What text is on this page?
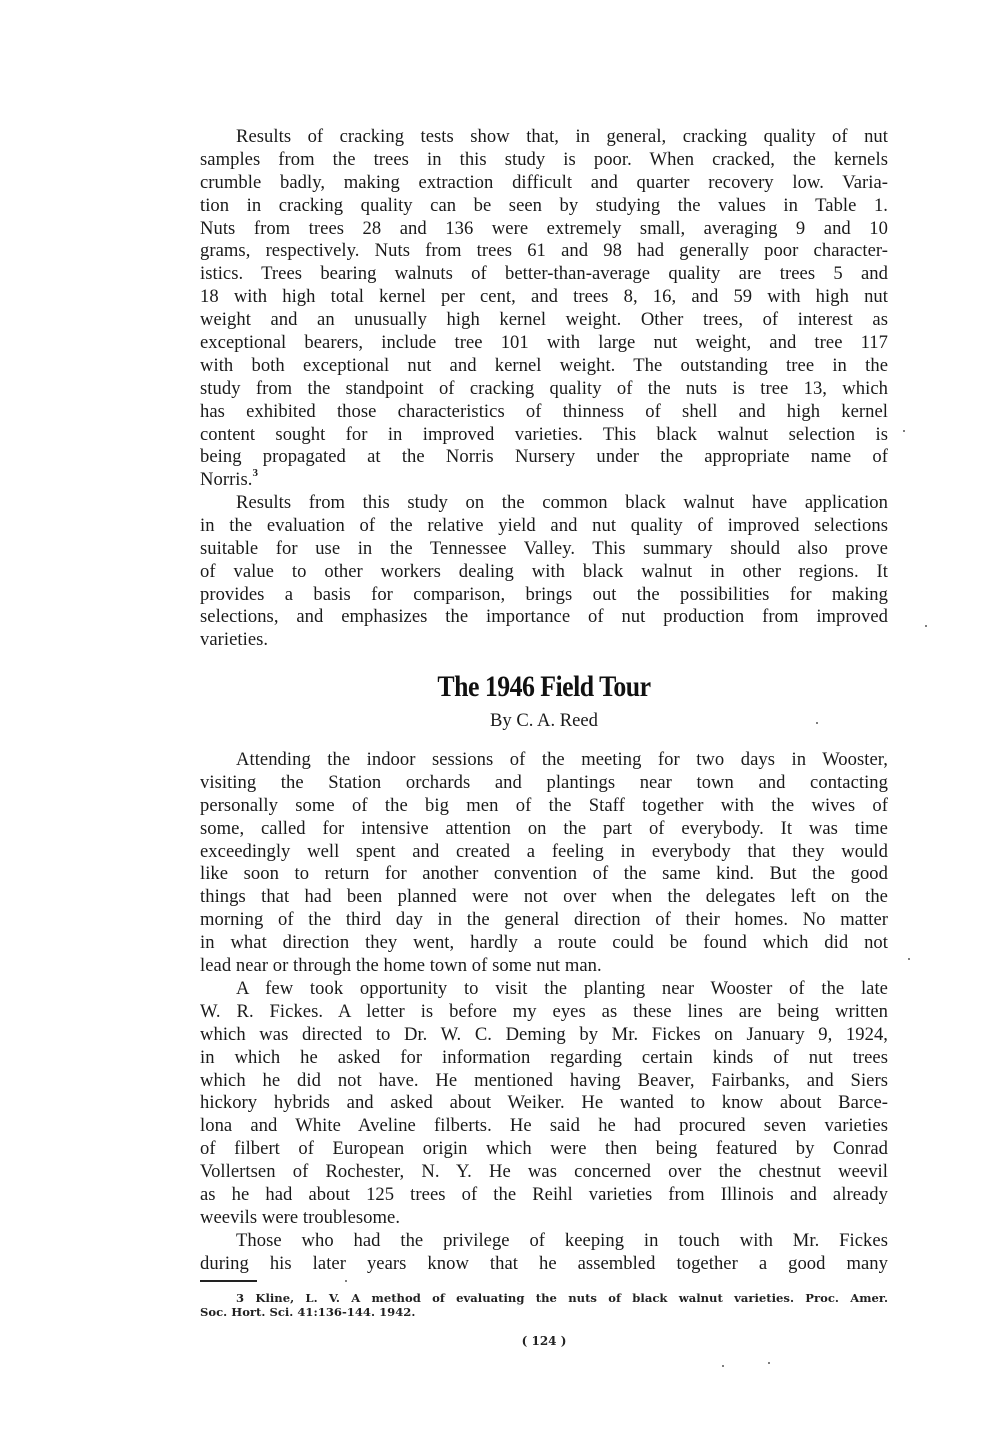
Results of cracking tests show that, in general, cracking quality of nut
samples from the trees in this study is poor. When cracked, the kernels
crumble badly, making extraction difficult and quarter recovery low. Varia-
tion in cracking quality can be seen by studying the values in Table 1.
Nuts from trees 28 and 136 were extremely small, averaging 9 and 10
grams, respectively. Nuts from trees 61 and 98 had generally poor character-
istics. Trees bearing walnuts of better-than-average quality are trees 5 and
18 with high total kernel per cent, and trees 8, 16, and 59 with high nut
weight and an unusually high kernel weight. Other trees, of interest as
exceptional bearers, include tree 101 with large nut weight, and tree 117
with both exceptional nut and kernel weight. The outstanding tree in the
study from the standpoint of cracking quality of the nuts is tree 13, which
has exhibited those characteristics of thinness of shell and high kernel
content sought for in improved varieties. This black walnut selection is
being propagated at the Norris Nursery under the appropriate name of
Norris.$^3$
Results from this study on the common black walnut have application
in the evaluation of the relative yield and nut quality of improved selections
suitable for use in the Tennessee Valley. This summary should also prove
of value to other workers dealing with black walnut in other regions. It
provides a basis for comparison, brings out the possibilities for making
selections, and emphasizes the importance of nut production from improved
varieties.
The 1946 Field Tour
By C. A. Reed
Attending the indoor sessions of the meeting for two days in Wooster,
visiting the Station orchards and plantings near town and contacting
personally some of the big men of the Staff together with the wives of
some, called for intensive attention on the part of everybody. It was time
exceedingly well spent and created a feeling in everybody that they would
like soon to return for another convention of the same kind. But the good
things that had been planned were not over when the delegates left on the
morning of the third day in the general direction of their homes. No matter
in what direction they went, hardly a route could be found which did not
lead near or through the home town of some nut man.
A few took opportunity to visit the planting near Wooster of the late
W. R. Fickes. A letter is before my eyes as these lines are being written
which was directed to Dr. W. C. Deming by Mr. Fickes on January 9, 1924,
in which he asked for information regarding certain kinds of nut trees
which he did not have. He mentioned having Beaver, Fairbanks, and Siers
hickory hybrids and asked about Weiker. He wanted to know about Barce-
lona and White Aveline filberts. He said he had procured seven varieties
of filbert of European origin which were then being featured by Conrad
Vollertsen of Rochester, N. Y. He was concerned over the chestnut weevil
as he had about 125 trees of the Reihl varieties from Illinois and already
weevils were troublesome.
Those who had the privilege of keeping in touch with Mr. Fickes
during his later years know that he assembled together a good many
3 Kline, L. V. A method of evaluating the nuts of black walnut varieties. Proc. Amer.
Soc. Hort. Sci. 41:136-144. 1942.
( 124 )
